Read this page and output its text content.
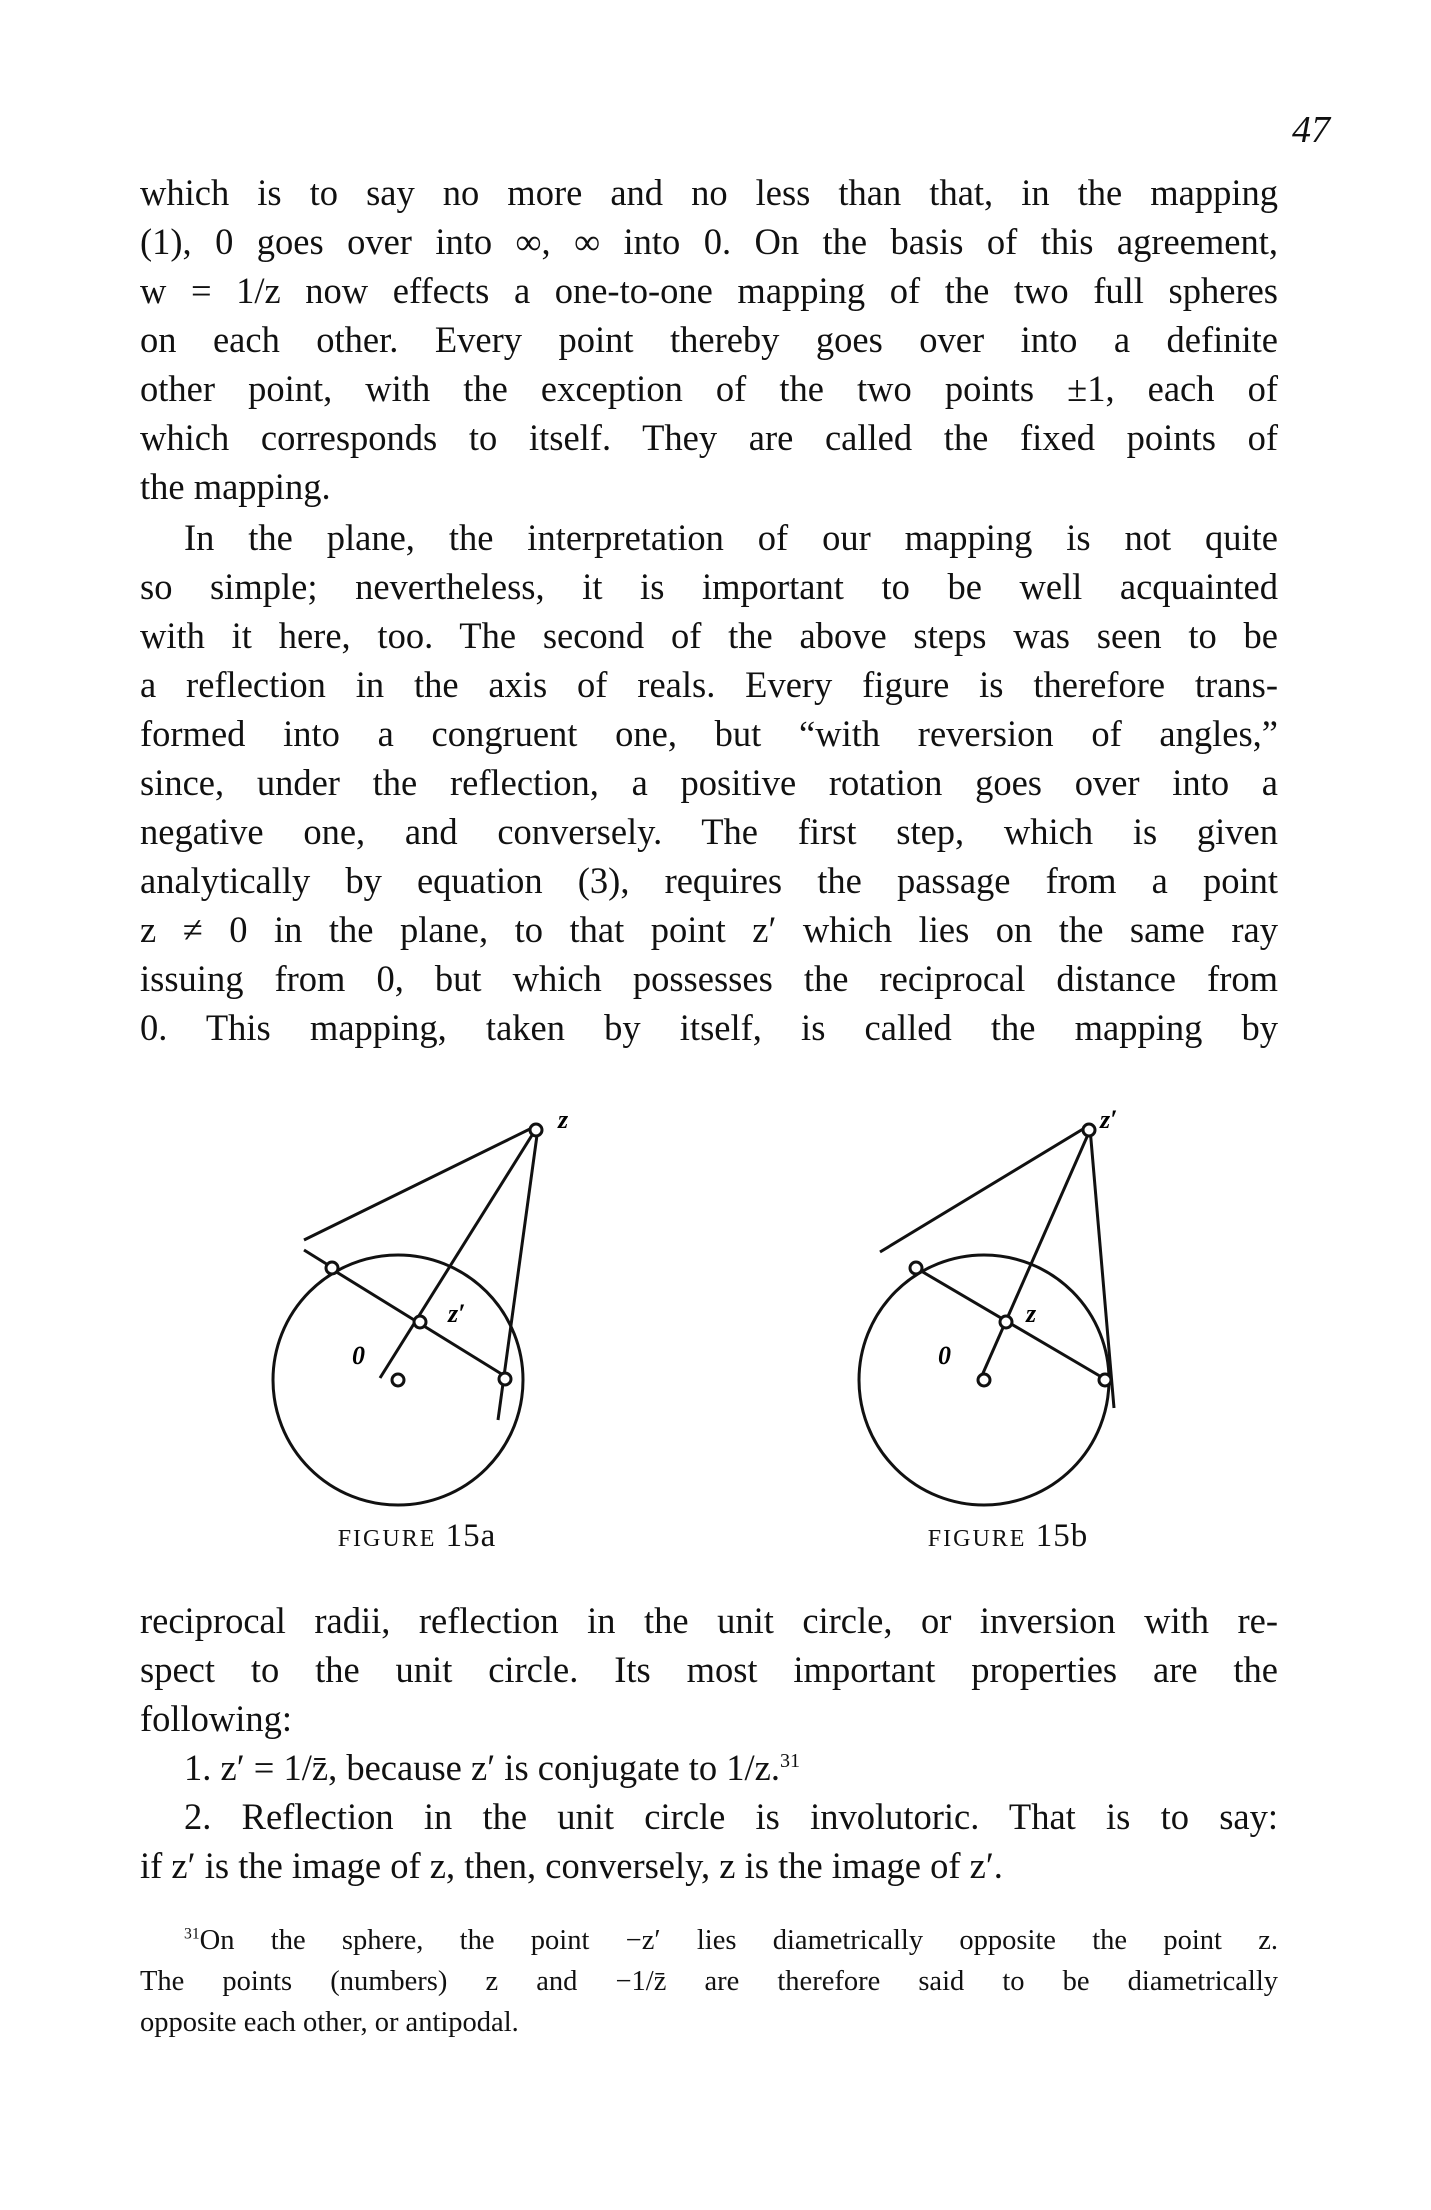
47
which is to say no more and no less than that, in the mapping
(1), 0 goes over into ∞, ∞ into 0. On the basis of this agreement,
w = 1/z now effects a one-to-one mapping of the two full spheres
on each other. Every point thereby goes over into a definite
other point, with the exception of the two points ±1, each of
which corresponds to itself. They are called the fixed points of
the mapping.
In the plane, the interpretation of our mapping is not quite
so simple; nevertheless, it is important to be well acquainted
with it here, too. The second of the above steps was seen to be
a reflection in the axis of reals. Every figure is therefore trans-
formed into a congruent one, but “with reversion of angles,”
since, under the reflection, a positive rotation goes over into a
negative one, and conversely. The first step, which is given
analytically by equation (3), requires the passage from a point
z ≠ 0 in the plane, to that point z′ which lies on the same ray
issuing from 0, but which possesses the reciprocal distance from
0. This mapping, taken by itself, is called the mapping by
z
z′
0
z′
z
0
FIGURE 15a	FIGURE 15b
reciprocal radii, reflection in the unit circle, or inversion with re-
spect to the unit circle. Its most important properties are the
following:
1. z′ = 1/z̄, because z′ is conjugate to 1/z.$^{31}$
2. Reflection in the unit circle is involutoric. That is to say:
if z′ is the image of z, then, conversely, z is the image of z′.
$^{31}$On the sphere, the point −z′ lies diametrically opposite the point z.
The points (numbers) z and −1/z̄ are therefore said to be diametrically
opposite each other, or antipodal.
